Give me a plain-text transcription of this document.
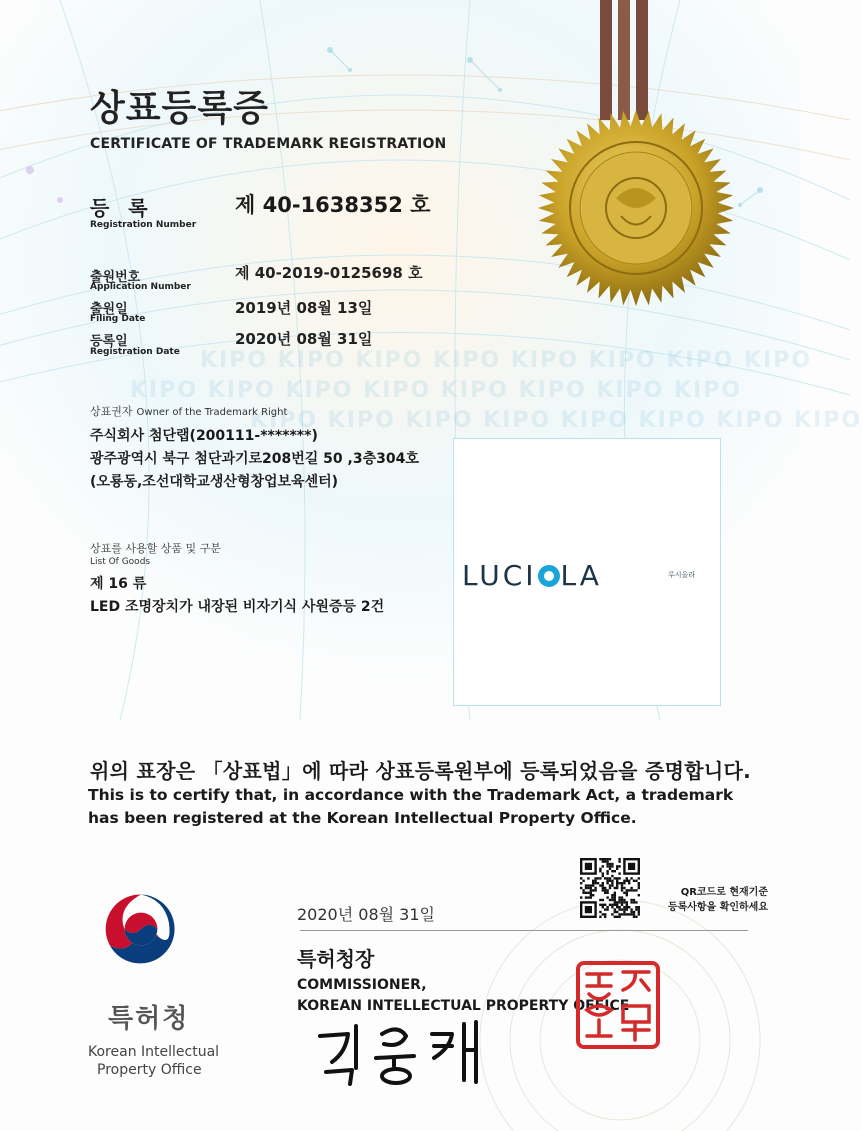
KIPO KIPO KIPO KIPO KIPO KIPO KIPO KIPO
KIPO KIPO KIPO KIPO KIPO KIPO KIPO KIPO
KIPO KIPO KIPO KIPO KIPO KIPO KIPO KIPO
상표등록증
CERTIFICATE OF TRADEMARK REGISTRATION
등 록
Registration Number
제 40-1638352 호
출원번호
Application Number
제 40-2019-0125698 호
출원일
Filing Date
2019년 08월 13일
등록일
Registration Date
2020년 08월 31일
상표권자 Owner of the Trademark Right
주식회사 첨단랩(200111-*******)
광주광역시 북구 첨단과기로208번길 50 ,3층304호
(오룡동,조선대학교생산형창업보육센터)
상표를 사용할 상품 및 구분
List Of Goods
제 16 류
LED 조명장치가 내장된 비자기식 사원증등 2건
LUCI LA	루시올라
위의 표장은 「상표법」에 따라 상표등록원부에 등록되었음을 증명합니다.
This is to certify that, in accordance with the Trademark Act, a trademark
has been registered at the Korean Intellectual Property Office.
QR코드로 현재기준
등록사항을 확인하세요
2020년 08월 31일
특허청장
COMMISSIONER,
KOREAN INTELLECTUAL PROPERTY OFFICE
특허청
Korean Intellectual
Property Office
